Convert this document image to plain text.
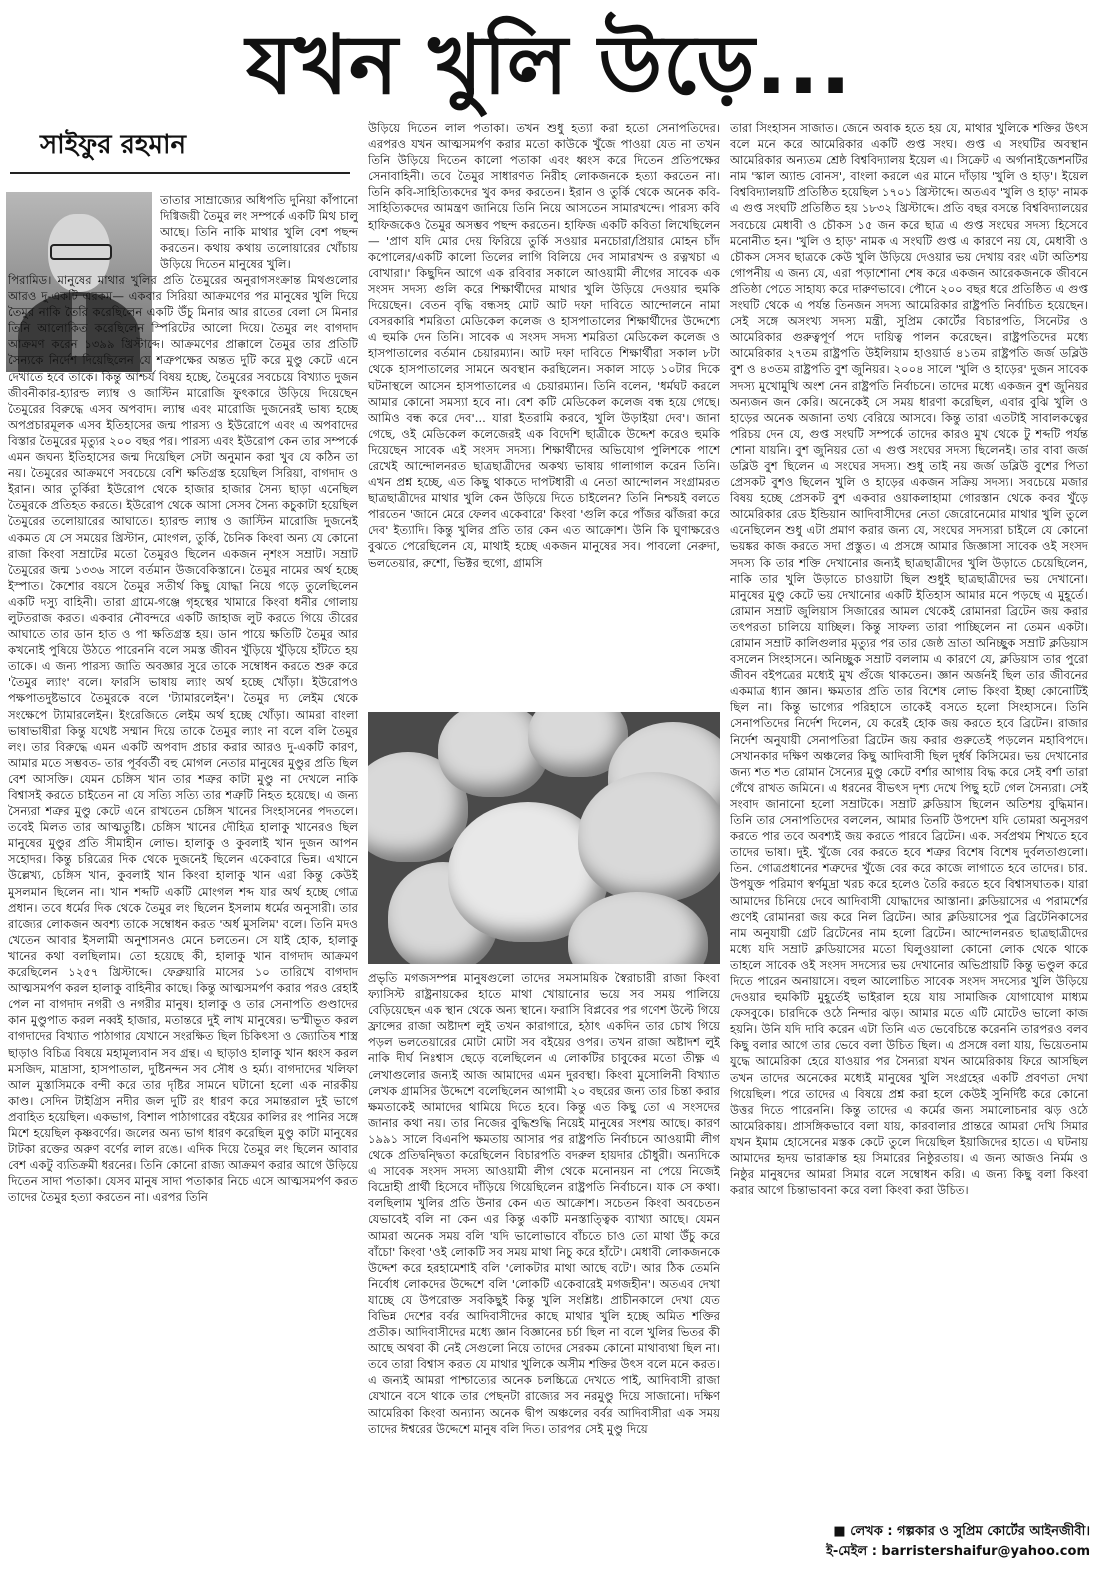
যখন খুলি উড়ে...
সাইফুর রহমান
তাতার সাম্রাজ্যের অধিপতি দুনিয়া কাঁপানো দিগ্বিজয়ী তৈমুর লং সম্পর্কে একটি মিথ চালু আছে। তিনি নাকি মাথার খুলি বেশ পছন্দ করতেন। কথায় কথায় তলোয়ারের খোঁচায় উড়িয়ে দিতেন মানুষের খুলি।

পিরামিড। মানুষের মাথার খুলির প্রতি তৈমুরের অনুরাগসংক্রান্ত মিথগুলোর আরও দু-একটি এরকম— একবার সিরিয়া আক্রমণের পর মানুষের খুলি দিয়ে তৈমুর নাকি তৈরি করেছিলেন একটি উঁচু মিনার আর রাতের বেলা সে মিনার তিনি আলোকিত করেছিলেন স্পিরিটের আলো দিয়ে। তৈমুর লং বাগদাদ আক্রমণ করেন ১৩৯৯ খ্রিস্টাব্দে। আক্রমণের প্রাক্কালে তৈমুর তার প্রতিটি সৈন্যকে নির্দেশ দিয়েছিলেন যে শত্রুপক্ষের অন্তত দুটি করে মুণ্ডু কেটে এনে দেখাতে হবে তাকে। কিন্তু আশ্চর্য বিষয় হচ্ছে, তৈমুরের সবচেয়ে বিখ্যাত দুজন জীবনীকার-হ্যারল্ড ল্যাম্ব ও জাস্টিন মারোজি ফুৎকারে উড়িয়ে দিয়েছেন তৈমুরের বিরুদ্ধে এসব অপবাদ। ল্যাম্ব এবং মারোজি দুজনেরই ভাষ্য হচ্ছে অপপ্রচারমূলক এসব ইতিহাসের জন্ম পারস্য ও ইউরোপে এবং এ অপবাদের বিস্তার তৈমুরের মৃত্যুর ২০০ বছর পর। পারস্য এবং ইউরোপ কেন তার সম্পর্কে এমন জঘন্য ইতিহাসের জন্ম দিয়েছিল সেটা অনুমান করা খুব যে কঠিন তা নয়। তৈমুরের আক্রমণে সবচেয়ে বেশি ক্ষতিগ্রস্ত হয়েছিল সিরিয়া, বাগদাদ ও ইরান। আর তুর্কিরা ইউরোপ থেকে হাজার হাজার সৈন্য ছাড়া এনেছিল তৈমুরকে প্রতিহত করতে। ইউরোপ থেকে আসা সেসব সৈন্য কচুকাটা হয়েছিল তৈমুরের তলোয়ারের আঘাতে। হ্যারল্ড ল্যাম্ব ও জাস্টিন মারোজি দুজনেই একমত যে সে সময়ের খ্রিস্টান, মোংগল, তুর্কি, চৈনিক কিংবা অন্য যে কোনো রাজা কিংবা সম্রাটের মতো তৈমুরও ছিলেন একজন নৃশংস সম্রাট। সম্রাট তৈমুরের জন্ম ১৩৩৬ সালে বর্তমান উজবেকিস্তানে। তৈমুর নামের অর্থ হচ্ছে ইস্পাত। কৈশোর বয়সে তৈমুর সতীর্থ কিছু যোদ্ধা নিয়ে গড়ে তুলেছিলেন একটি দস্যু বাহিনী। তারা গ্রামে-গঞ্জে গৃহস্থের খামারে কিংবা ধনীর গোলায় লুটতরাজ করত। একবার নৌবন্দরে একটি জাহাজ লুট করতে গিয়ে তীরের আঘাতে তার ডান হাত ও পা ক্ষতিগ্রস্ত হয়। ডান পায়ে ক্ষতিটি তৈমুর আর কখনোই পুষিয়ে উঠতে পারেননি বলে সমস্ত জীবন খুঁড়িয়ে খুঁড়িয়ে হাঁটতে হয় তাকে। এ জন্য পারস্য জাতি অবজ্ঞার সুরে তাকে সম্বোধন করতে শুরু করে 'তৈমুর ল্যাং' বলে। ফারসি ভাষায় ল্যাং অর্থ হচ্ছে খোঁড়া। ইউরোপও পক্ষপাতদুষ্টভাবে তৈমুরকে বলে 'ট্যামারলেইন'। তৈমুর দ্য লেইম থেকে সংক্ষেপে ট্যামারলেইন। ইংরেজিতে লেইম অর্থ হচ্ছে খোঁড়া। আমরা বাংলা ভাষাভাষীরা কিন্তু যথেষ্ট সম্মান দিয়ে তাকে তৈমুর ল্যাং না বলে বলি তৈমুর লং। তার বিরুদ্ধে এমন একটি অপবাদ প্রচার করার আরও দু-একটি কারণ, আমার মতে সম্ভবত- তার পূর্ববর্তী বহু মোগল নেতার মানুষের মুণ্ডুর প্রতি ছিল বেশ আসক্তি। যেমন চেঙ্গিস খান তার শত্রুর কাটা মুণ্ডু না দেখলে নাকি বিশ্বাসই করতে চাইতেন না যে সত্যি সত্যি তার শত্রুটি নিহত হয়েছে। এ জন্য সৈন্যরা শত্রুর মুণ্ডু কেটে এনে রাখতেন চেঙ্গিস খানের সিংহাসনের পদতলে। তবেই মিলত তার আত্মতুষ্টি। চেঙ্গিস খানের দৌহিত্র হালাকু খানেরও ছিল মানুষের মুণ্ডুর প্রতি সীমাহীন লোভ। হালাকু ও কুবলাই খান দুজন আপন সহোদর। কিন্তু চরিত্রের দিক থেকে দুজনেই ছিলেন একেবারে ভিন্ন। এখানে উল্লেখ্য, চেঙ্গিস খান, কুবলাই খান কিংবা হালাকু খান এরা কিন্তু কেউই মুসলমান ছিলেন না। খান শব্দটি একটি মোংগল শব্দ যার অর্থ হচ্ছে গোত্র প্রধান। তবে ধর্মের দিক থেকে তৈমুর লং ছিলেন ইসলাম ধর্মের অনুসারী। তার রাজ্যের লোকজন অবশ্য তাকে সম্বোধন করত 'অর্ধ মুসলিম' বলে। তিনি মদও খেতেন আবার ইসলামী অনুশাসনও মেনে চলতেন। সে যাই হোক, হালাকু খানের কথা বলছিলাম। তো হয়েছে কী, হালাকু খান বাগদাদ আক্রমণ করেছিলেন ১২৫৭ খ্রিস্টাব্দে। ফেব্রুয়ারি মাসের ১০ তারিখে বাগদাদ আত্মসমর্পণ করল হালাকু বাহিনীর কাছে। কিন্তু আত্মসমর্পণ করার পরও রেহাই পেল না বাগদাদ নগরী ও নগরীর মানুষ। হালাকু ও তার সেনাপতি গুণ্ডাদের কান মুণ্ডুপাত করল নব্বই হাজার, মতান্তরে দুই লাখ মানুষের। ভস্মীভূত করল বাগদাদের বিখ্যাত পাঠাগার যেখানে সংরক্ষিত ছিল চিকিৎসা ও জ্যোতিষ শাস্ত্র ছাড়াও বিচিত্র বিষয়ে মহামূল্যবান সব গ্রন্থ। এ ছাড়াও হালাকু খান ধ্বংস করল মসজিদ, মাদ্রাসা, হাসপাতাল, দুষ্টিনন্দন সব সৌধ ও হর্ম্য। বাগদাদের খলিফা আল মুস্তাসিমকে বন্দী করে তার দৃষ্টির সামনে ঘটানো হলো এক নারকীয় কাণ্ড। সেদিন টাইগ্রিস নদীর জল দুটি রং ধারণ করে সমান্তরাল দুই ভাগে প্রবাহিত হয়েছিল। একভাগ, বিশাল পাঠাগারের বইয়ের কালির রং পানির সঙ্গে মিশে হয়েছিল কৃষ্ণবর্ণের। জলের অন্য ভাগ ধারণ করেছিল মুণ্ডু কাটা মানুষের টাটকা রক্তের অরুণ বর্ণের লাল রঙে। এদিক দিয়ে তৈমুর লং ছিলেন আবার বেশ একটু ব্যতিক্রমী ধরনের। তিনি কোনো রাজ্য আক্রমণ করার আগে উড়িয়ে দিতেন সাদা পতাকা। যেসব মানুষ সাদা পতাকার নিচে এসে আত্মসমর্পণ করত তাদের তৈমুর হত্যা করতেন না। এরপর তিনি

উড়িয়ে দিতেন লাল পতাকা। তখন শুধু হত্যা করা হতো সেনাপতিদের। এরপরও যখন আত্মসমর্পণ করার মতো কাউকে খুঁজে পাওয়া যেত না তখন তিনি উড়িয়ে দিতেন কালো পতাকা এবং ধ্বংস করে দিতেন প্রতিপক্ষের সেনাবাহিনী। তবে তৈমুর সাধারণত নিরীহ লোকজনকে হত্যা করতেন না। তিনি কবি-সাহিত্যিকদের খুব কদর করতেন। ইরান ও তুর্কি থেকে অনেক কবি-সাহিত্যিকদের আমন্ত্রণ জানিয়ে তিনি নিয়ে আসতেন সামারখন্দে। পারস্য কবি হাফিজকেও তৈমুর অসম্ভব পছন্দ করতেন। হাফিজ একটি কবিতা লিখেছিলেন— 'প্রাণ যদি মোর দেয় ফিরিয়ে তুর্কি সওয়ার মনচোরা/প্রিয়ার মোহন চাঁদ কপোলের/একটি কালো তিলের লাগি বিলিয়ে দেব সামারখন্দ ও রত্নখচা এ বোখারা।' কিছুদিন আগে এক রবিবার সকালে আওয়ামী লীগের সাবেক এক সংসদ সদস্য গুলি করে শিক্ষার্থীদের মাথার খুলি উড়িয়ে দেওয়ার হুমকি দিয়েছেন। বেতন বৃদ্ধি বন্ধসহ মোট আট দফা দাবিতে আন্দোলনে নামা বেসরকারি শমরিতা মেডিকেল কলেজ ও হাসপাতালের শিক্ষার্থীদের উদ্দেশ্যে এ হুমকি দেন তিনি। সাবেক এ সংসদ সদস্য শমরিতা মেডিকেল কলেজ ও হাসপাতালের বর্তমান চেয়ারম্যান। আট দফা দাবিতে শিক্ষার্থীরা সকাল ৮টা থেকে হাসপাতালের সামনে অবস্থান করছিলেন। সকাল সাড়ে ১০টার দিকে ঘটনাস্থলে আসেন হাসপাতালের এ চেয়ারম্যান। তিনি বলেন, 'ধর্মঘট করলে আমার কোনো সমস্যা হবে না। বেশ কটি মেডিকেল কলেজ বন্ধ হয়ে গেছে। আমিও বন্ধ করে দেব'... যারা ইতরামি করবে, খুলি উড়াইয়া দেব'। জানা গেছে, ওই মেডিকেল কলেজেরই এক বিদেশি ছাত্রীকে উদ্দেশ করেও হুমকি দিয়েছেন সাবেক এই সংসদ সদস্য। শিক্ষার্থীদের অভিযোগ পুলিশকে পাশে রেখেই আন্দোলনরত ছাত্রছাত্রীদের অকথ্য ভাষায় গালাগাল করেন তিনি। এখন প্রশ্ন হচ্ছে, এত কিছু থাকতে দাপটধারী এ নেতা আন্দোলন সংগ্রামরত ছাত্রছাত্রীদের মাথার খুলি কেন উড়িয়ে দিতে চাইলেন? তিনি নিশ্চয়ই বলতে পারতেন 'জানে মেরে ফেলব একেবারে' কিংবা 'গুলি করে পাঁজর ঝাঁজরা করে দেব' ইত্যাদি। কিন্তু খুলির প্রতি তার কেন এত আক্রোশ। উনি কি ঘুণাক্ষরেও বুঝতে পেরেছিলেন যে, মাথাই হচ্ছে একজন মানুষের সব। পাবলো নেরুদা, ভলতেয়ার, রুশো, ভিক্টর হুগো, গ্রামসি

প্রভৃতি মগজসম্পন্ন মানুষগুলো তাদের সমসাময়িক স্বৈরাচারী রাজা কিংবা ফ্যাসিস্ট রাষ্ট্রনায়কের হাতে মাথা খোয়ানোর ভয়ে সব সময় পালিয়ে বেড়িয়েছেন এক স্থান থেকে অন্য স্থানে। ফরাসি বিপ্লবের পর গণেশ উল্টে গিয়ে ফ্রান্সের রাজা অষ্টাদশ লুই তখন কারাগারে, হঠাৎ একদিন তার চোখ গিয়ে পড়ল ভলতেয়ারের মোটা মোটা সব বইয়ের ওপর। তখন রাজা অষ্টাদশ লুই নাকি দীর্ঘ নিঃশ্বাস ছেড়ে বলেছিলেন এ লোকটির চাবুকের মতো তীক্ষ্ণ এ লেখাগুলোর জন্যই আজ আমাদের এমন দুরবস্থা। কিংবা মুসোলিনী বিখ্যাত লেখক গ্রামসির উদ্দেশে বলেছিলেন আগামী ২০ বছরের জন্য তার চিন্তা করার ক্ষমতাকেই আমাদের থামিয়ে দিতে হবে। কিন্তু এত কিছু তো এ সংসদের জানার কথা নয়। তার নিজের বুদ্ধিশুদ্ধি নিয়েই মানুষের সংশয় আছে। কারণ ১৯৯১ সালে বিএনপি ক্ষমতায় আসার পর রাষ্ট্রপতি নির্বাচনে আওয়ামী লীগ থেকে প্রতিদ্বন্দ্বিতা করেছিলেন বিচারপতি বদরুল হায়দার চৌধুরী। অন্যদিকে এ সাবেক সংসদ সদস্য আওয়ামী লীগ থেকে মনোনয়ন না পেয়ে নিজেই বিদ্রোহী প্রার্থী হিসেবে দাঁড়িয়ে গিয়েছিলেন রাষ্ট্রপতি নির্বাচনে। যাক সে কথা। বলছিলাম খুলির প্রতি উনার কেন এত আক্রোশ। সচেতন কিংবা অবচেতন যেভাবেই বলি না কেন এর কিন্তু একটি মনস্তাত্ত্বিক ব্যাখ্যা আছে। যেমন আমরা অনেক সময় বলি 'যদি ভালোভাবে বাঁচতে চাও তো মাথা উঁচু করে বাঁচো' কিংবা 'ওই লোকটি সব সময় মাথা নিচু করে হাঁটে'। মেধাবী লোকজনকে উদ্দেশ করে হরহামেশাই বলি 'লোকটার মাথা আছে বটে'। আর ঠিক তেমনি নির্বোধ লোকদের উদ্দেশে বলি 'লোকটি একেবারেই মগজহীন'। অতএব দেখা যাচ্ছে যে উপরোক্ত সবকিছুই কিন্তু খুলি সংশ্লিষ্ট। প্রাচীনকালে দেখা যেত বিভিন্ন দেশের বর্বর আদিবাসীদের কাছে মাথার খুলি হচ্ছে অমিত শক্তির প্রতীক। আদিবাসীদের মধ্যে জ্ঞান বিজ্ঞানের চর্চা ছিল না বলে খুলির ভিতর কী আছে অথবা কী নেই সেগুলো নিয়ে তাদের সেরকম কোনো মাথাব্যথা ছিল না। তবে তারা বিশ্বাস করত যে মাথার খুলিকে অসীম শক্তির উৎস বলে মনে করত। এ জন্যই আমরা পাশ্চাত্যের অনেক চলচ্চিত্রে দেখতে পাই, আদিবাসী রাজা যেখানে বসে থাকে তার পেছনটা রাজ্যের সব নরমুণ্ডু দিয়ে সাজানো। দক্ষিণ আমেরিকা কিংবা অন্যান্য অনেক দ্বীপ অঞ্চলের বর্বর আদিবাসীরা এক সময় তাদের ঈশ্বরের উদ্দেশে মানুষ বলি দিত। তারপর সেই মুণ্ডু দিয়ে

তারা সিংহাসন সাজাত। জেনে অবাক হতে হয় যে, মাথার খুলিকে শক্তির উৎস বলে মনে করে আমেরিকার একটি গুপ্ত সংঘ। গুপ্ত এ সংঘটির অবস্থান আমেরিকার অন্যতম শ্রেষ্ঠ বিশ্ববিদ্যালয় ইয়েল এ। সিক্রেট এ অর্গানাইজেশনটির নাম 'স্কাল অ্যান্ড বোনস', বাংলা করলে এর মানে দাঁড়ায় 'খুলি ও হাড়'। ইয়েল বিশ্ববিদ্যালয়টি প্রতিষ্ঠিত হয়েছিল ১৭০১ খ্রিস্টাব্দে। অতএব 'খুলি ও হাড়' নামক এ গুপ্ত সংঘটি প্রতিষ্ঠিত হয় ১৮৩২ খ্রিস্টাব্দে। প্রতি বছর বসন্তে বিশ্ববিদ্যালয়ের সবচেয়ে মেধাবী ও চৌকস ১৫ জন করে ছাত্র এ গুপ্ত সংঘের সদস্য হিসেবে মনোনীত হন। 'খুলি ও হাড়' নামক এ সংঘটি গুপ্ত এ কারণে নয় যে, মেধাবী ও চৌকস সেসব ছাত্রকে কেউ খুলি উড়িয়ে দেওয়ার ভয় দেখায় বরং এটা অতিশয় গোপনীয় এ জন্য যে, এরা পড়াশোনা শেষ করে একজন আরেকজনকে জীবনে প্রতিষ্ঠা পেতে সাহায্য করে দারুণভাবে। পৌনে ২০০ বছর ধরে প্রতিষ্ঠিত এ গুপ্ত সংঘটি থেকে এ পর্যন্ত তিনজন সদস্য আমেরিকার রাষ্ট্রপতি নির্বাচিত হয়েছেন। সেই সঙ্গে অসংখ্য সদস্য মন্ত্রী, সুপ্রিম কোর্টের বিচারপতি, সিনেটর ও আমেরিকার গুরুত্বপূর্ণ পদে দায়িত্ব পালন করেছেন। রাষ্ট্রপতিদের মধ্যে আমেরিকার ২৭তম রাষ্ট্রপতি উইলিয়াম হাওয়ার্ড ৪১তম রাষ্ট্রপতি জর্জ ডব্লিউ বুশ ও ৪৩তম রাষ্ট্রপতি বুশ জুনিয়র। ২০০৪ সালে 'খুলি ও হাড়ের' দুজন সাবেক সদস্য মুখোমুখি অংশ নেন রাষ্ট্রপতি নির্বাচনে। তাদের মধ্যে একজন বুশ জুনিয়র অন্যজন জন কেরি। অনেকেই সে সময় ধারণা করেছিল, এবার বুঝি খুলি ও হাড়ের অনেক অজানা তথ্য বেরিয়ে আসবে। কিন্তু তারা এতটাই সাবালকত্বের পরিচয় দেন যে, গুপ্ত সংঘটি সম্পর্কে তাদের কারও মুখ থেকে টু শব্দটি পর্যন্ত শোনা যায়নি। বুশ জুনিয়র তো এ গুপ্ত সংঘের সদস্য ছিলেনই। তার বাবা জর্জ ডব্লিউ বুশ ছিলেন এ সংঘের সদস্য। শুধু তাই নয় জর্জ ডব্লিউ বুশের পিতা প্রেসকট বুশও ছিলেন খুলি ও হাড়ের একজন সক্রিয় সদস্য। সবচেয়ে মজার বিষয় হচ্ছে প্রেসকট বুশ একবার ওয়াকলাহামা গোরস্তান থেকে কবর খুঁড়ে আমেরিকার রেড ইন্ডিয়ান আদিবাসীদের নেতা জেরোনেমোর মাথার খুলি তুলে এনেছিলেন শুধু এটা প্রমাণ করার জন্য যে, সংঘের সদস্যরা চাইলে যে কোনো ভয়ঙ্কর কাজ করতে সদা প্রস্তুত। এ প্রসঙ্গে আমার জিজ্ঞাসা সাবেক ওই সংসদ সদস্য কি তার শক্তি দেখানোর জন্যই ছাত্রছাত্রীদের খুলি উড়াতে চেয়েছিলেন, নাকি তার খুলি উড়াতে চাওয়াটা ছিল শুধুই ছাত্রছাত্রীদের ভয় দেখানো। মানুষের মুণ্ডু কেটে ভয় দেখানোর একটি ইতিহাস আমার মনে পড়ছে এ মুহূর্তে। রোমান সম্রাট জুলিয়াস সিজারের আমল থেকেই রোমানরা ব্রিটেন জয় করার তৎপরতা চালিয়ে যাচ্ছিল। কিন্তু সাফল্য তারা পাচ্ছিলেন না তেমন একটা। রোমান সম্রাট কালিগুলার মৃত্যুর পর তার জেষ্ঠ ভ্রাতা অনিচ্ছুক সম্রাট ক্লডিয়াস বসলেন সিংহাসনে। অনিচ্ছুক সম্রাট বললাম এ কারণে যে, ক্লডিয়াস তার পুরো জীবন বইপত্রের মধ্যেই মুখ গুঁজে থাকতেন। জ্ঞান অর্জনই ছিল তার জীবনের একমাত্র ধ্যান জ্ঞান। ক্ষমতার প্রতি তার বিশেষ লোভ কিংবা ইচ্ছা কোনোটিই ছিল না। কিন্তু ভাগ্যের পরিহাসে তাকেই বসতে হলো সিংহাসনে। তিনি সেনাপতিদের নির্দেশ দিলেন, যে করেই হোক জয় করতে হবে ব্রিটেন। রাজার নির্দেশ অনুযায়ী সেনাপতিরা ব্রিটেন জয় করার গুরুতেই পড়লেন মহাবিপদে। সেখানকার দক্ষিণ অঞ্চলের কিছু আদিবাসী ছিল দুর্ধর্ষ কিসিমের। ভয় দেখানোর জন্য শত শত রোমান সৈন্যের মুণ্ডু কেটে বর্শার আগায় বিদ্ধ করে সেই বর্শা তারা গেঁথে রাখত জমিনে। এ ধরনের বীভৎস দৃশ্য দেখে পিছু হটে গেল সৈন্যরা। সেই সংবাদ জানানো হলো সম্রাটকে। সম্রাট ক্লডিয়াস ছিলেন অতিশয় বুদ্ধিমান। তিনি তার সেনাপতিদের বললেন, আমার তিনটি উপদেশ যদি তোমরা অনুসরণ করতে পার তবে অবশ্যই জয় করতে পারবে ব্রিটেন। এক. সর্বপ্রথম শিখতে হবে তাদের ভাষা। দুই. খুঁজে বের করতে হবে শত্রুর বিশেষ বিশেষ দুর্বলতাগুলো। তিন. গোত্রপ্রধানের শত্রুদের খুঁজে বের করে কাজে লাগাতে হবে তাদের। চার. উপযুক্ত পরিমাণ স্বর্ণমুদ্রা খরচ করে হলেও তৈরি করতে হবে বিশ্বাসঘাতক। যারা আমাদের চিনিয়ে দেবে আদিবাসী যোদ্ধাদের আস্তানা। ক্লডিয়াসের এ পরামর্শের গুণেই রোমানরা জয় করে নিল ব্রিটেন। আর ক্লডিয়াসের পুত্র ব্রিটেনিকাসের নাম অনুযায়ী গ্রেট ব্রিটেনের নাম হলো ব্রিটেন। আন্দোলনরত ছাত্রছাত্রীদের মধ্যে যদি সম্রাট ক্লডিয়াসের মতো ঘিলুওয়ালা কোনো লোক থেকে থাকে তাহলে সাবেক ওই সংসদ সদস্যের ভয় দেখানোর অভিপ্রায়টি কিন্তু ভণ্ডুল করে দিতে পারেন অনায়াসে। বহুল আলোচিত সাবেক সংসদ সদস্যের খুলি উড়িয়ে দেওয়ার হুমকিটি মুহূর্তেই ভাইরাল হয়ে যায় সামাজিক যোগাযোগ মাধ্যম ফেসবুকে। চারদিকে ওঠে নিন্দার ঝড়। আমার মতে এটি মোটেও ভালো কাজ হয়নি। উনি যদি দাবি করেন এটা তিনি এত ভেবেচিন্তে করেননি তারপরও বলব কিছু বলার আগে তার ভেবে বলা উচিত ছিল। এ প্রসঙ্গে বলা যায়, ভিয়েতনাম যুদ্ধে আমেরিকা হেরে যাওয়ার পর সৈন্যরা যখন আমেরিকায় ফিরে আসছিল তখন তাদের অনেকের মধ্যেই মানুষের খুলি সংগ্রহের একটি প্রবণতা দেখা গিয়েছিল। পরে তাদের এ বিষয়ে প্রশ্ন করা হলে কেউই সুনির্দিষ্ট করে কোনো উত্তর দিতে পারেননি। কিন্তু তাদের এ কর্মের জন্য সমালোচনার ঝড় ওঠে আমেরিকায়। প্রাসঙ্গিকভাবে বলা যায়, কারবালার প্রান্তরে আমরা দেখি সিমার যখন ইমাম হোসেনের মস্তক কেটে তুলে দিয়েছিল ইয়াজিদের হাতে। এ ঘটনায় আমাদের হৃদয় ভারাক্রান্ত হয় সিমারের নিষ্ঠুরতায়। এ জন্য আজও নির্মম ও নিষ্ঠুর মানুষদের আমরা সিমার বলে সম্বোধন করি। এ জন্য কিছু বলা কিংবা করার আগে চিন্তাভাবনা করে বলা কিংবা করা উচিত।

■ লেখক : গল্পকার ও সুপ্রিম কোর্টের আইনজীবী।
ই-মেইল : barristershaifur@yahoo.com
